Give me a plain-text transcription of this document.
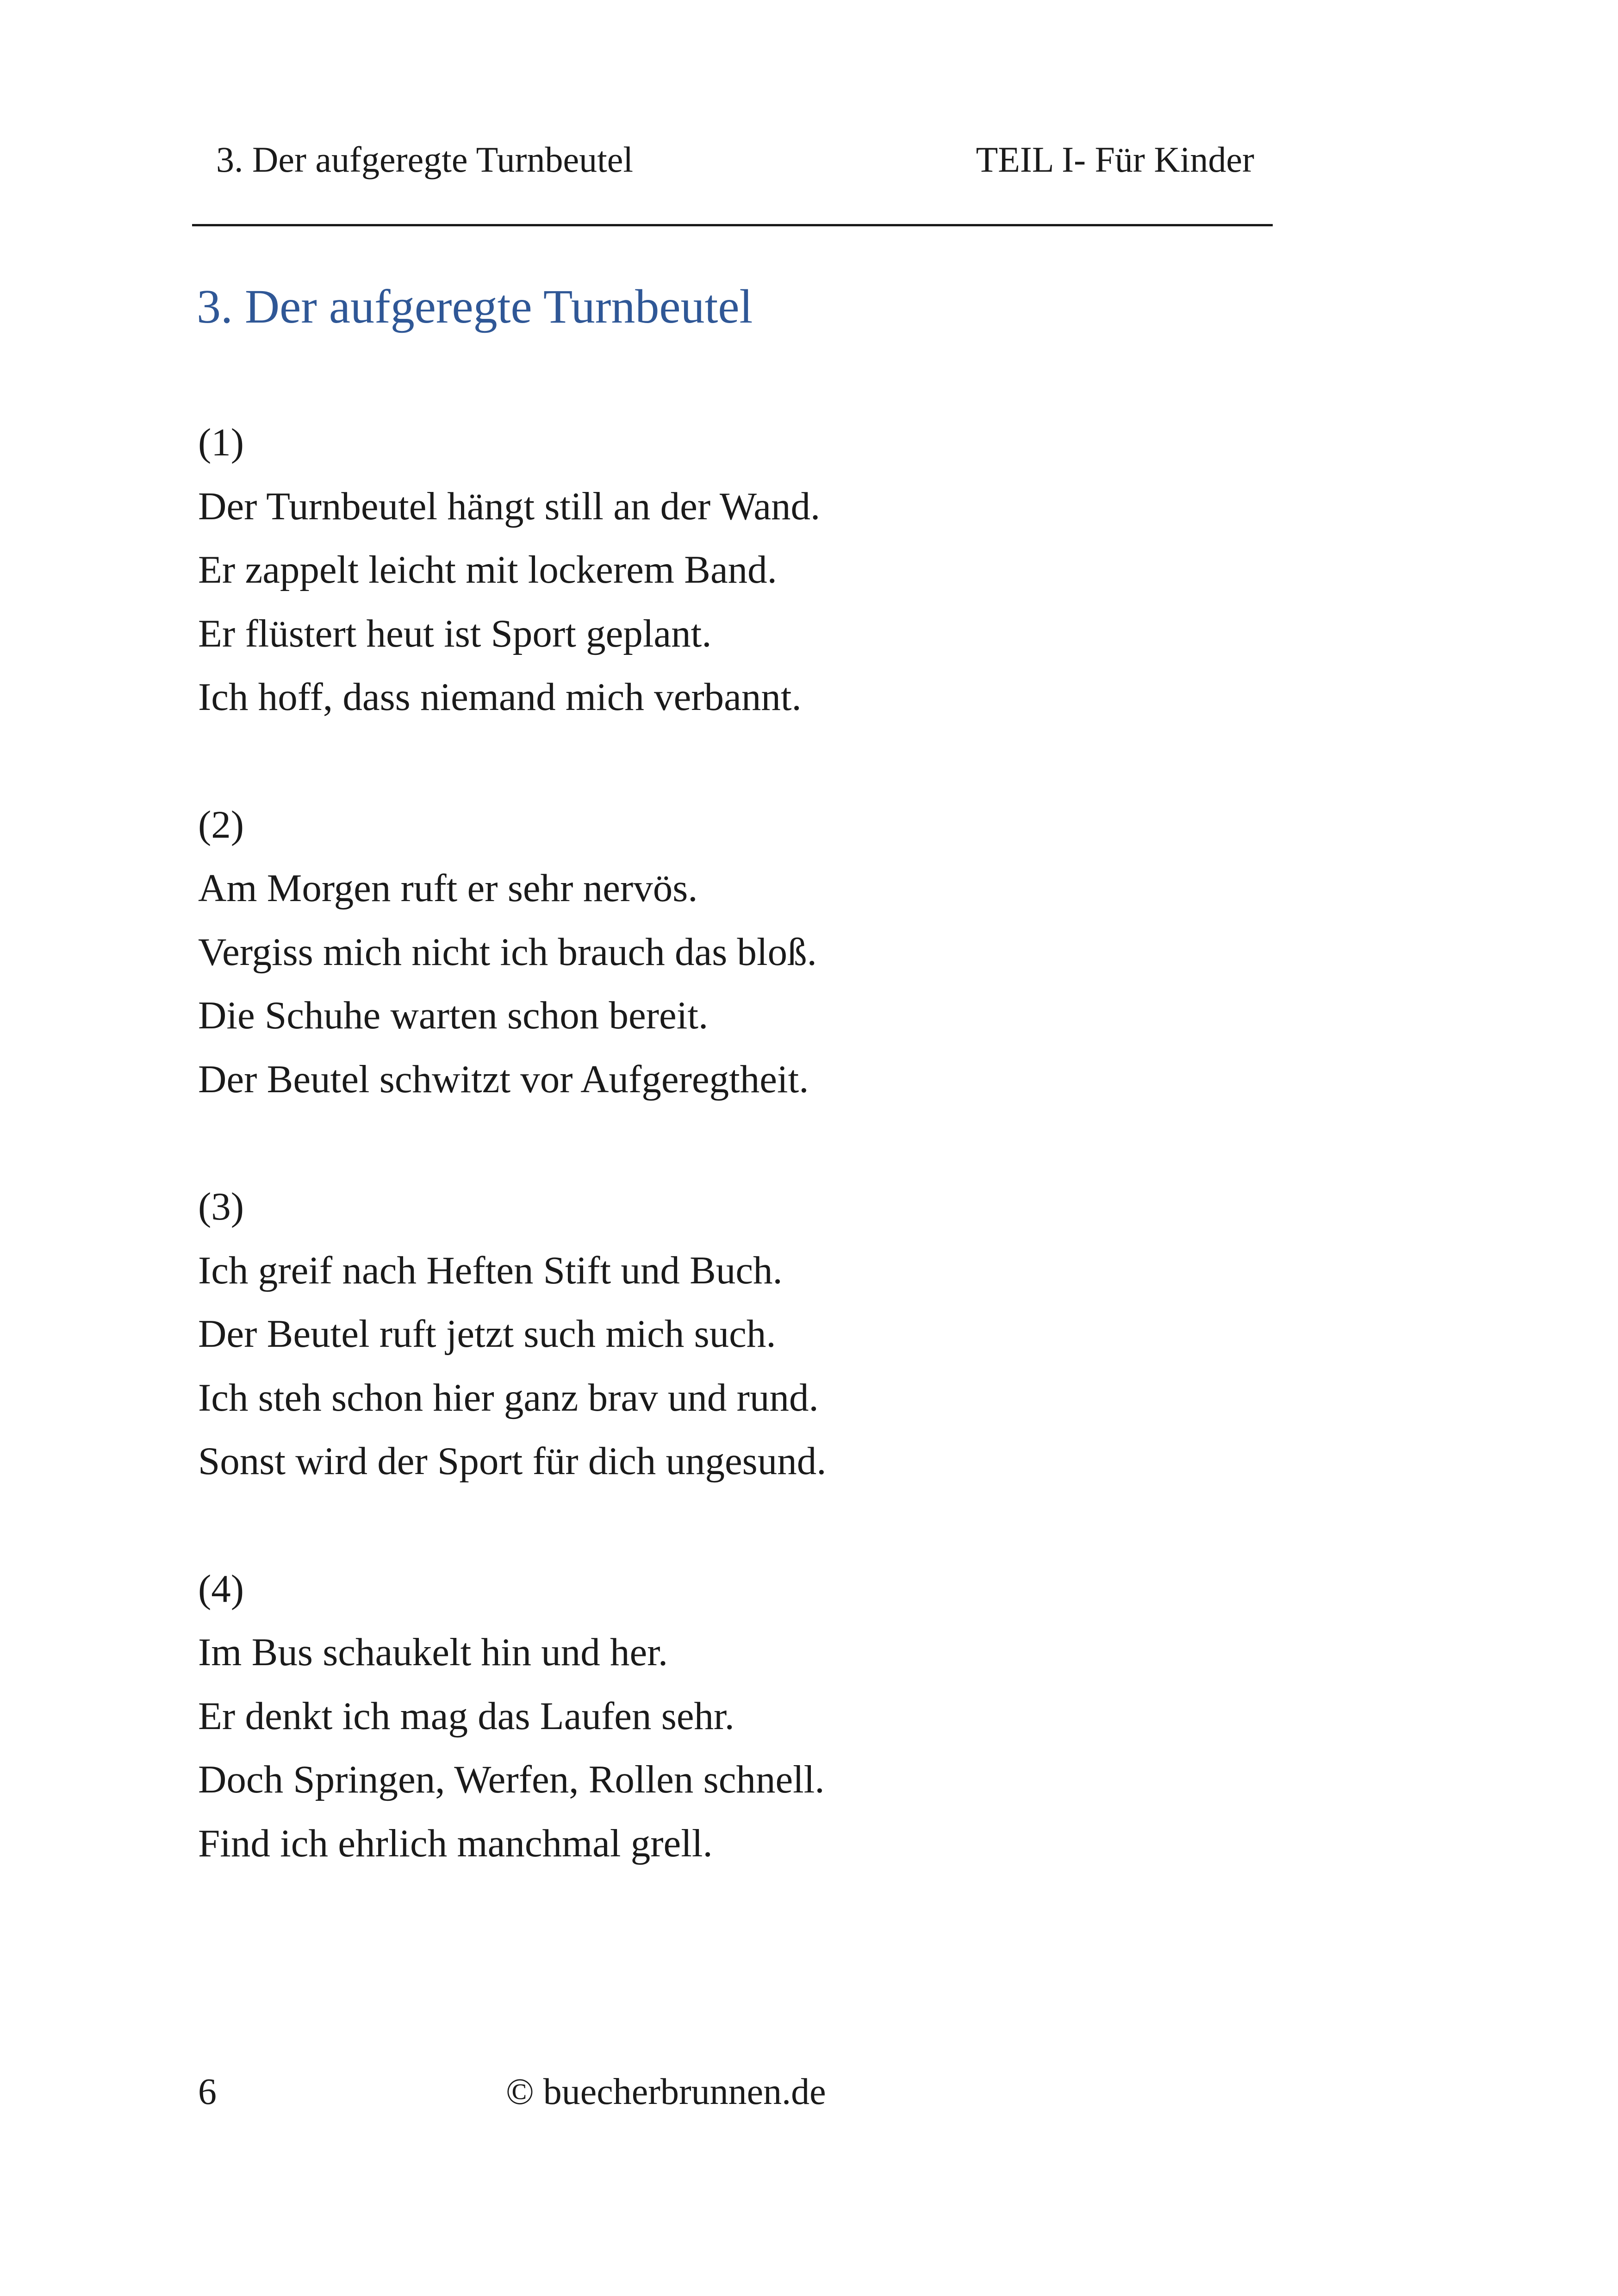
3. Der aufgeregte Turnbeutel	TEIL I- Für Kinder
3. Der aufgeregte Turnbeutel
(1)
Der Turnbeutel hängt still an der Wand.
Er zappelt leicht mit lockerem Band.
Er flüstert heut ist Sport geplant.
Ich hoff, dass niemand mich verbannt.
(2)
Am Morgen ruft er sehr nervös.
Vergiss mich nicht ich brauch das bloß.
Die Schuhe warten schon bereit.
Der Beutel schwitzt vor Aufgeregtheit.
(3)
Ich greif nach Heften Stift und Buch.
Der Beutel ruft jetzt such mich such.
Ich steh schon hier ganz brav und rund.
Sonst wird der Sport für dich ungesund.
(4)
Im Bus schaukelt hin und her.
Er denkt ich mag das Laufen sehr.
Doch Springen, Werfen, Rollen schnell.
Find ich ehrlich manchmal grell.
6	© buecherbrunnen.de
